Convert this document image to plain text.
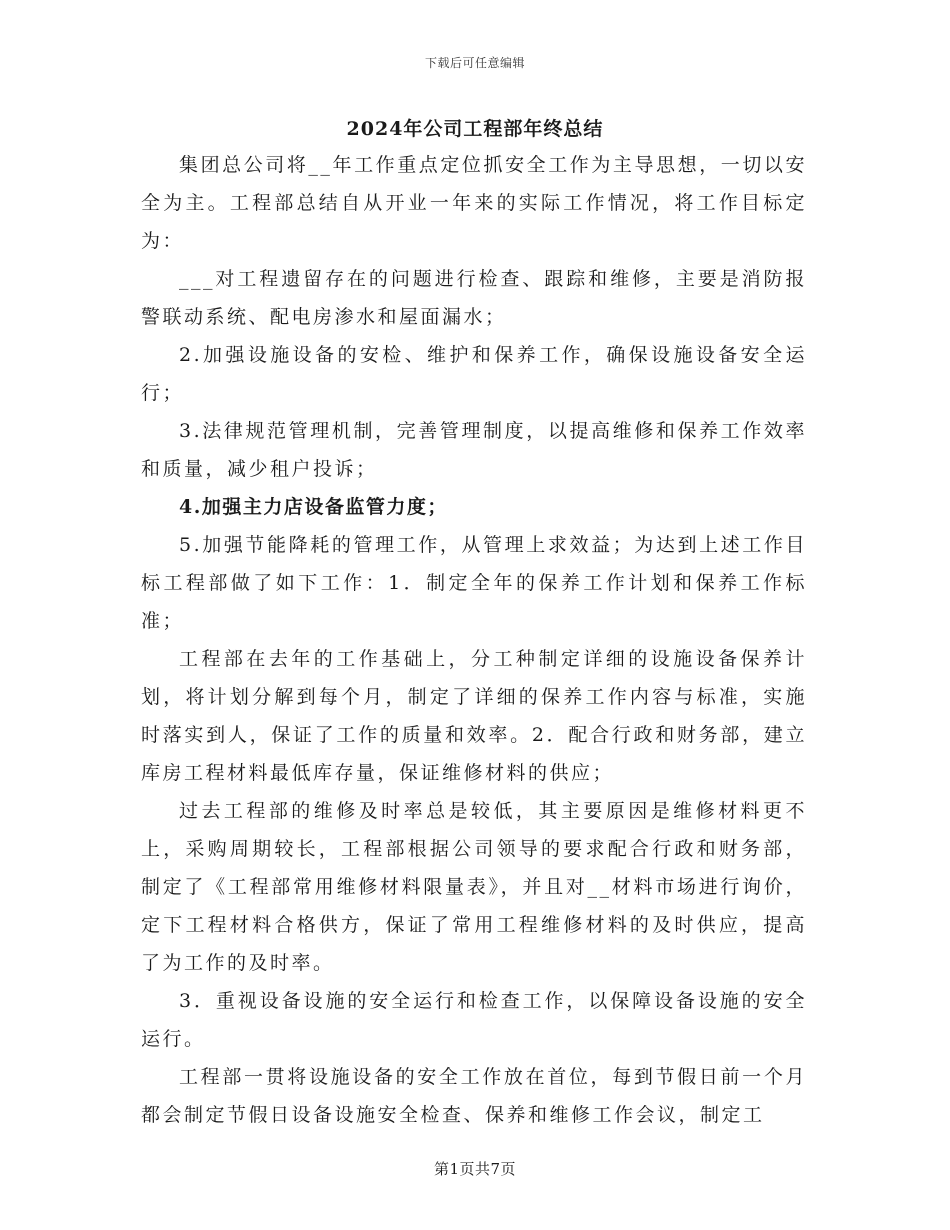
下载后可任意编辑
2024年公司工程部年终总结

集团总公司将__年工作重点定位抓安全工作为主导思想，一切以安全为主。工程部总结自从开业一年来的实际工作情况，将工作目标定为：

___对工程遗留存在的问题进行检查、跟踪和维修，主要是消防报警联动系统、配电房渗水和屋面漏水；

2.加强设施设备的安检、维护和保养工作，确保设施设备安全运行；

3.法律规范管理机制，完善管理制度，以提高维修和保养工作效率和质量，减少租户投诉；

4.加强主力店设备监管力度；

5.加强节能降耗的管理工作，从管理上求效益；为达到上述工作目标工程部做了如下工作：1．制定全年的保养工作计划和保养工作标准；

工程部在去年的工作基础上，分工种制定详细的设施设备保养计划，将计划分解到每个月，制定了详细的保养工作内容与标准，实施时落实到人，保证了工作的质量和效率。2．配合行政和财务部，建立库房工程材料最低库存量，保证维修材料的供应；

过去工程部的维修及时率总是较低，其主要原因是维修材料更不上，采购周期较长，工程部根据公司领导的要求配合行政和财务部，制定了《工程部常用维修材料限量表》，并且对__材料市场进行询价，定下工程材料合格供方，保证了常用工程维修材料的及时供应，提高了为工作的及时率。

3．重视设备设施的安全运行和检查工作，以保障设备设施的安全运行。

工程部一贯将设施设备的安全工作放在首位，每到节假日前一个月都会制定节假日设备设施安全检查、保养和维修工作会议，制定工

第1页共7页
